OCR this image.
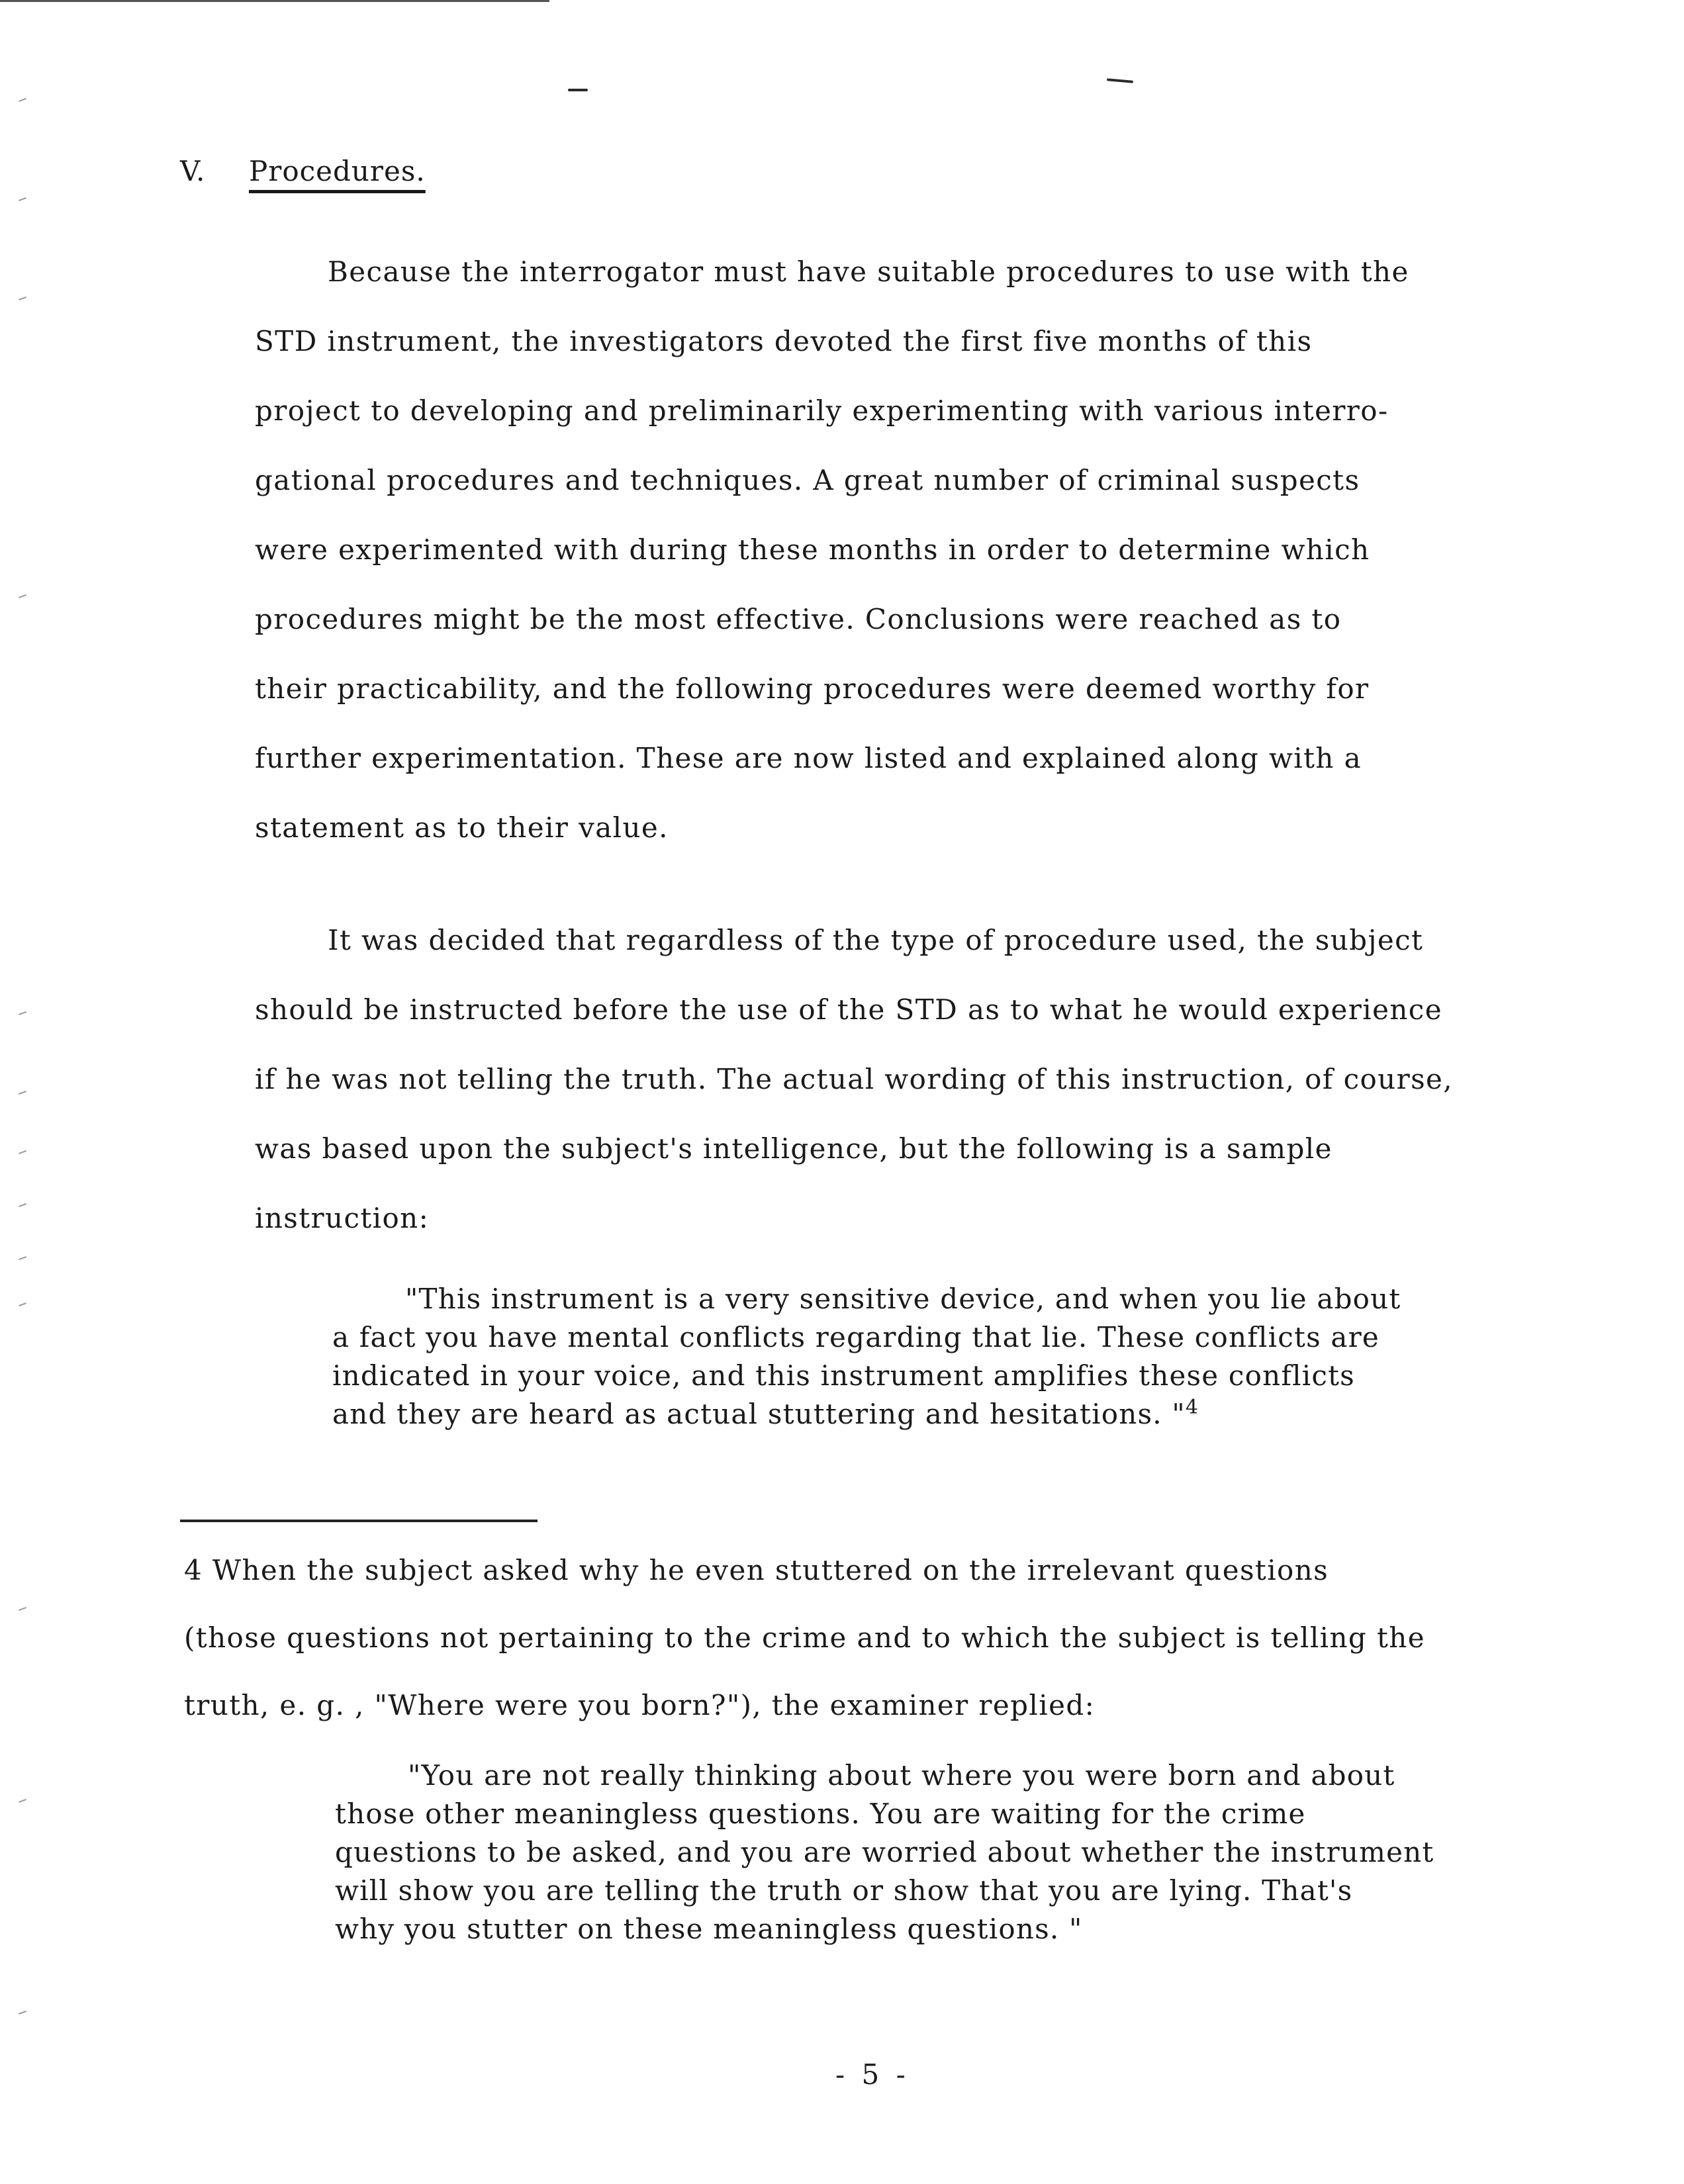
V. Procedures.
Because the interrogator must have suitable procedures to use with the
STD instrument, the investigators devoted the first five months of this
project to developing and preliminarily experimenting with various interro-
gational procedures and techniques. A great number of criminal suspects
were experimented with during these months in order to determine which
procedures might be the most effective. Conclusions were reached as to
their practicability, and the following procedures were deemed worthy for
further experimentation. These are now listed and explained along with a
statement as to their value.
It was decided that regardless of the type of procedure used, the subject
should be instructed before the use of the STD as to what he would experience
if he was not telling the truth. The actual wording of this instruction, of course,
was based upon the subject's intelligence, but the following is a sample
instruction:
"This instrument is a very sensitive device, and when you lie about
a fact you have mental conflicts regarding that lie. These conflicts are
indicated in your voice, and this instrument amplifies these conflicts
and they are heard as actual stuttering and hesitations. "$^4$
4 When the subject asked why he even stuttered on the irrelevant questions
(those questions not pertaining to the crime and to which the subject is telling the
truth, e. g. , "Where were you born?"), the examiner replied:
"You are not really thinking about where you were born and about
those other meaningless questions. You are waiting for the crime
questions to be asked, and you are worried about whether the instrument
will show you are telling the truth or show that you are lying. That's
why you stutter on these meaningless questions. "
- 5 -
